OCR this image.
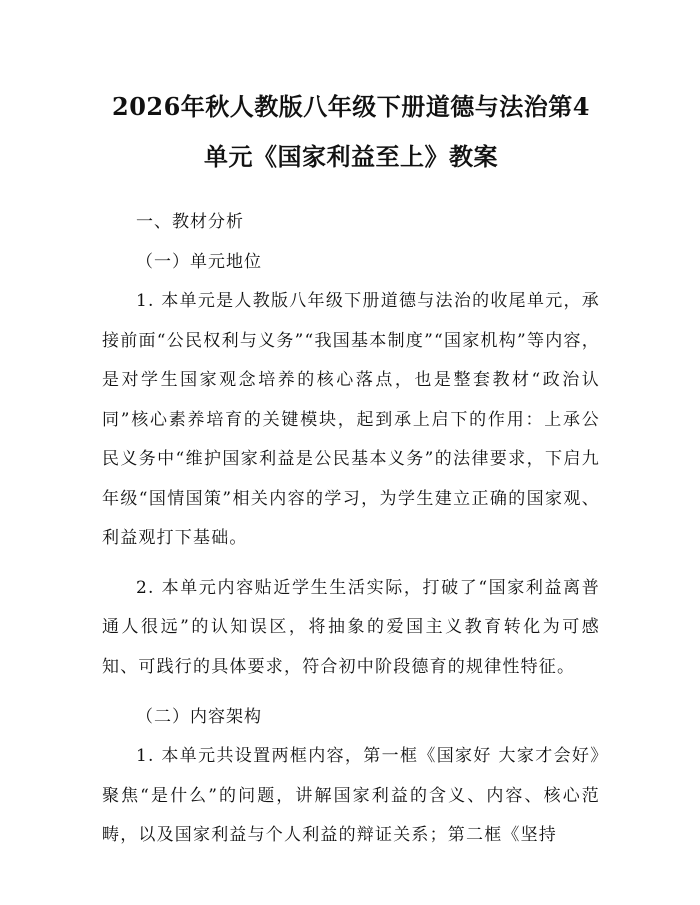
2026年秋人教版八年级下册道德与法治第4
单元《国家利益至上》教案

一、教材分析

（一）单元地位

1. 本单元是人教版八年级下册道德与法治的收尾单元，承接前面“公民权利与义务”“我国基本制度”“国家机构”等内容，是对学生国家观念培养的核心落点，也是整套教材“政治认同”核心素养培育的关键模块，起到承上启下的作用：上承公民义务中“维护国家利益是公民基本义务”的法律要求，下启九年级“国情国策”相关内容的学习，为学生建立正确的国家观、利益观打下基础。

2. 本单元内容贴近学生生活实际，打破了“国家利益离普通人很远”的认知误区，将抽象的爱国主义教育转化为可感知、可践行的具体要求，符合初中阶段德育的规律性特征。

（二）内容架构

1. 本单元共设置两框内容，第一框《国家好 大家才会好》聚焦“是什么”的问题，讲解国家利益的含义、内容、核心范畴，以及国家利益与个人利益的辩证关系；第二框《坚持
